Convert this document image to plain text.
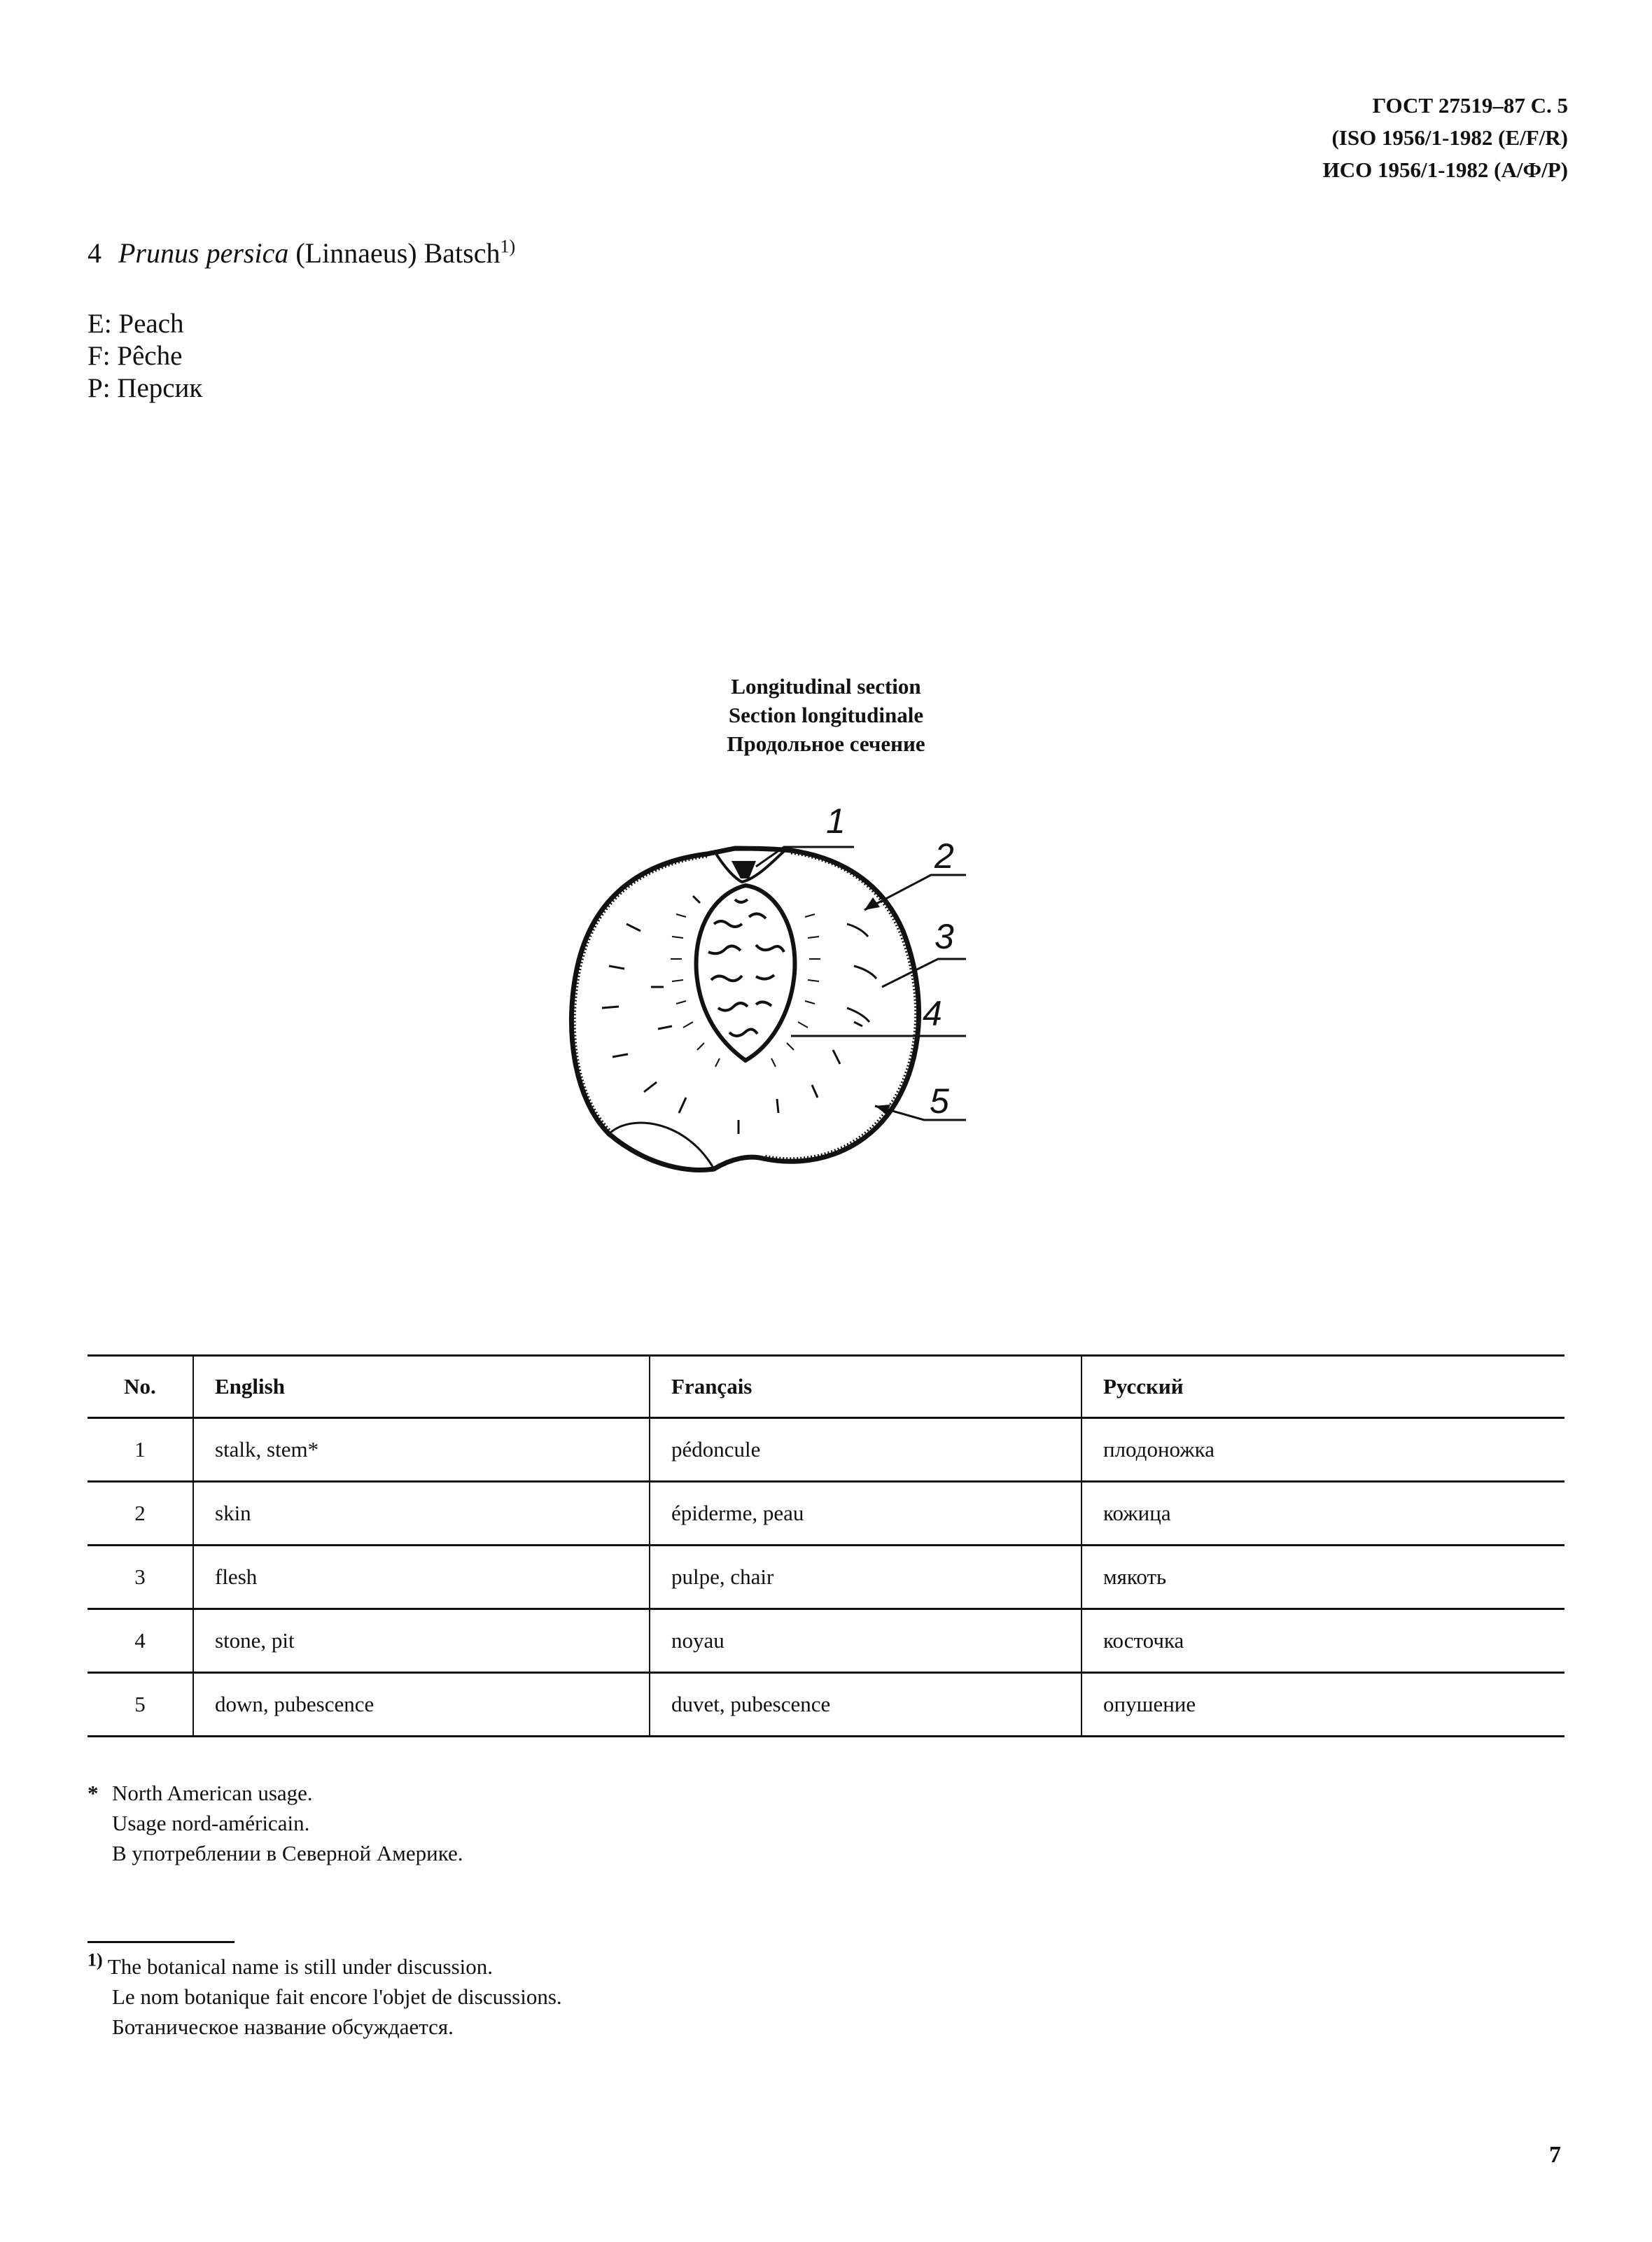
ГОСТ 27519–87 С. 5
(ISO 1956/1-1982 (E/F/R)
ИСО 1956/1-1982 (А/Ф/Р)
4 Prunus persica (Linnaeus) Batsch$^{1)}$
E: Peach
F: Pêche
P: Персик
Longitudinal section
Section longitudinale
Продольное сечение
1
2
3
4
5
No.	English	Français	Русский
1	stalk, stem*	pédoncule	плодоножка
2	skin	épiderme, peau	кожица
3	flesh	pulpe, chair	мякоть
4	stone, pit	noyau	косточка
5	down, pubescence	duvet, pubescence	опушение
* North American usage.
Usage nord-américain.
В употреблении в Северной Америке.
$^{1)}$ The botanical name is still under discussion.
Le nom botanique fait encore l'objet de discussions.
Ботаническое название обсуждается.
7
